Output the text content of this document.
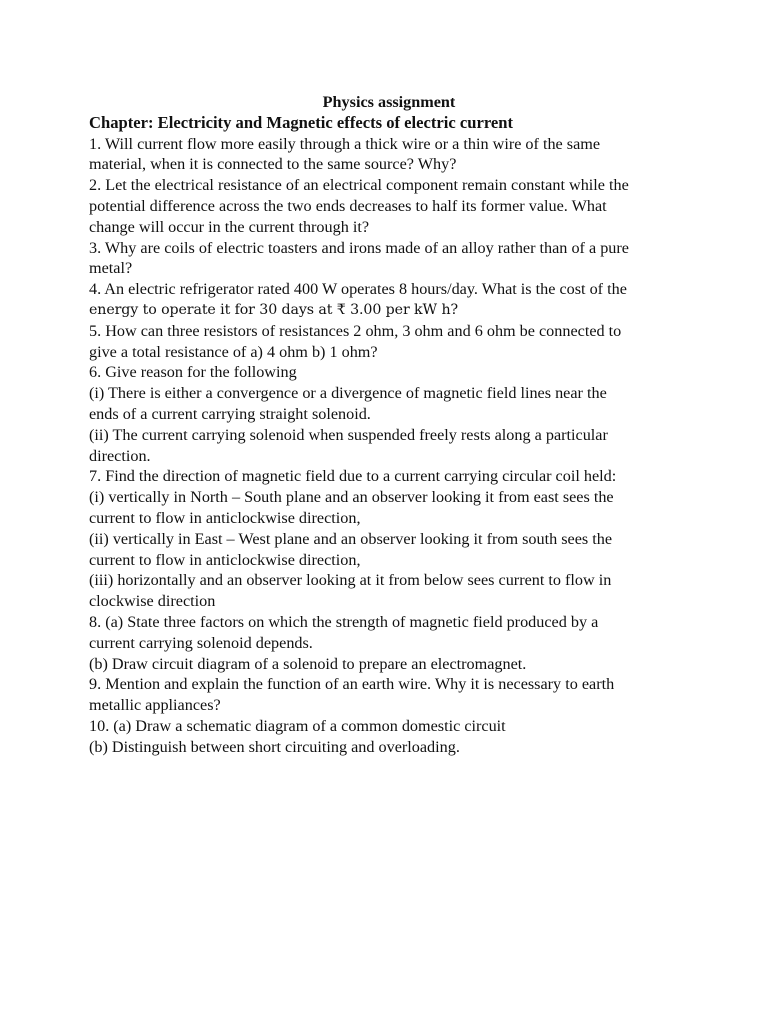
Physics assignment
Chapter: Electricity and Magnetic effects of electric current
1. Will current flow more easily through a thick wire or a thin wire of the same
material, when it is connected to the same source? Why?
2. Let the electrical resistance of an electrical component remain constant while the
potential difference across the two ends decreases to half its former value. What
change will occur in the current through it?
3. Why are coils of electric toasters and irons made of an alloy rather than of a pure
metal?
4. An electric refrigerator rated 400 W operates 8 hours/day. What is the cost of the
energy to operate it for 30 days at ₹ 3.00 per kW h?
5. How can three resistors of resistances 2 ohm, 3 ohm and 6 ohm be connected to
give a total resistance of a) 4 ohm b) 1 ohm?
6. Give reason for the following
(i) There is either a convergence or a divergence of magnetic field lines near the
ends of a current carrying straight solenoid.
(ii) The current carrying solenoid when suspended freely rests along a particular
direction.
7. Find the direction of magnetic field due to a current carrying circular coil held:
(i) vertically in North – South plane and an observer looking it from east sees the
current to flow in anticlockwise direction,
(ii) vertically in East – West plane and an observer looking it from south sees the
current to flow in anticlockwise direction,
(iii) horizontally and an observer looking at it from below sees current to flow in
clockwise direction
8. (a) State three factors on which the strength of magnetic field produced by a
current carrying solenoid depends.
(b) Draw circuit diagram of a solenoid to prepare an electromagnet.
9. Mention and explain the function of an earth wire. Why it is necessary to earth
metallic appliances?
10. (a) Draw a schematic diagram of a common domestic circuit
(b) Distinguish between short circuiting and overloading.
